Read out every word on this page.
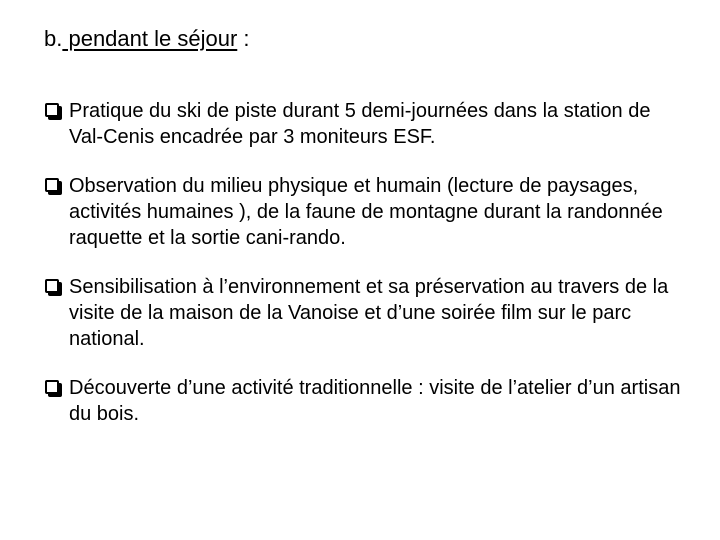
b. pendant le séjour :
Pratique du ski de piste durant 5 demi-journées dans la station de Val-Cenis encadrée par 3 moniteurs ESF.
Observation du milieu physique et humain (lecture de paysages, activités humaines ), de la faune de montagne durant la randonnée raquette et la sortie cani-rando.
Sensibilisation à l’environnement et sa préservation au travers de la visite de la maison de la Vanoise et d’une soirée film sur le parc national.
Découverte d’une activité traditionnelle : visite de l’atelier d’un artisan du bois.
